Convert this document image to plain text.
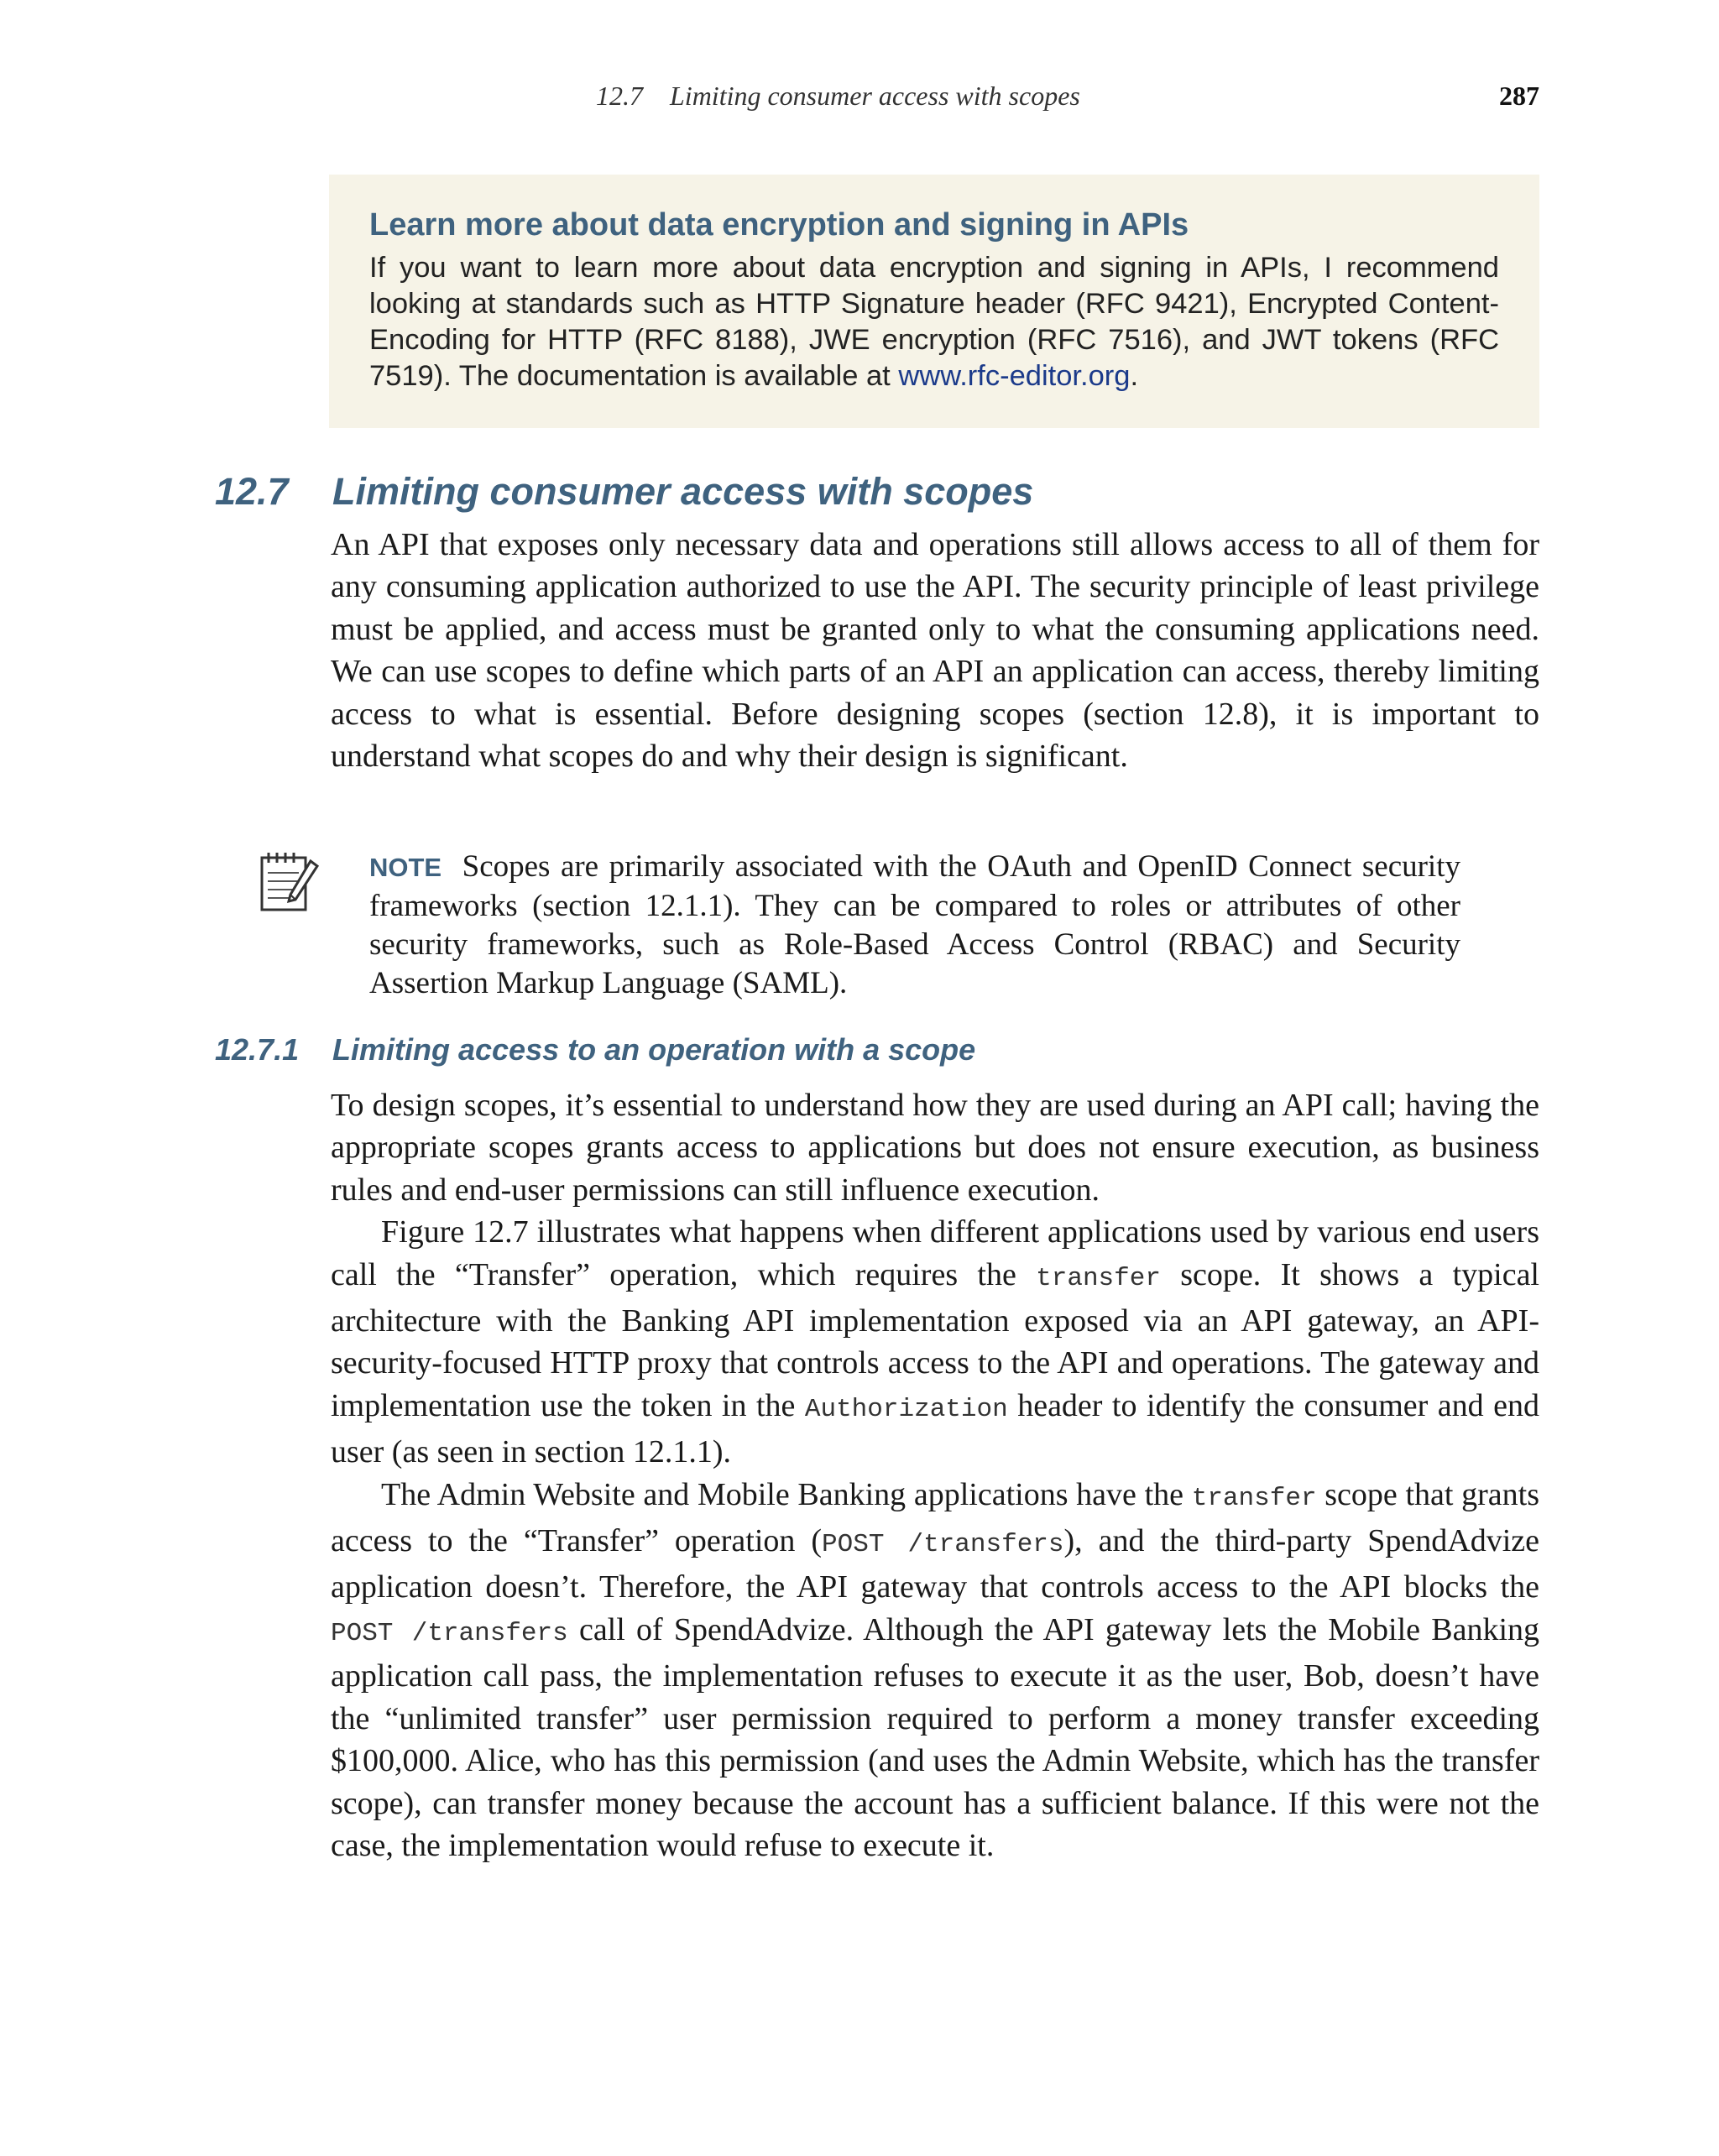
12.7    Limiting consumer access with scopes	287
Learn more about data encryption and signing in APIs

If you want to learn more about data encryption and signing in APIs, I recommend looking at standards such as HTTP Signature header (RFC 9421), Encrypted Content-Encoding for HTTP (RFC 8188), JWE encryption (RFC 7516), and JWT tokens (RFC 7519). The documentation is available at www.rfc-editor.org.

12.7 Limiting consumer access with scopes

An API that exposes only necessary data and operations still allows access to all of them for any consuming application authorized to use the API. The security principle of least privilege must be applied, and access must be granted only to what the consuming applications need. We can use scopes to define which parts of an API an application can access, thereby limiting access to what is essential. Before designing scopes (section 12.8), it is important to understand what scopes do and why their design is significant.

NOTE Scopes are primarily associated with the OAuth and OpenID Connect security frameworks (section 12.1.1). They can be compared to roles or attributes of other security frameworks, such as Role-Based Access Control (RBAC) and Security Assertion Markup Language (SAML).

12.7.1 Limiting access to an operation with a scope

To design scopes, it’s essential to understand how they are used during an API call; having the appropriate scopes grants access to applications but does not ensure execution, as business rules and end-user permissions can still influence execution.

Figure 12.7 illustrates what happens when different applications used by various end users call the “Transfer” operation, which requires the transfer scope. It shows a typical architecture with the Banking API implementation exposed via an API gateway, an API-security-focused HTTP proxy that controls access to the API and operations. The gateway and implementation use the token in the Authorization header to identify the consumer and end user (as seen in section 12.1.1).

The Admin Website and Mobile Banking applications have the transfer scope that grants access to the “Transfer” operation (POST /transfers), and the third-party SpendAdvize application doesn’t. Therefore, the API gateway that controls access to the API blocks the POST /transfers call of SpendAdvize. Although the API gateway lets the Mobile Banking application call pass, the implementation refuses to execute it as the user, Bob, doesn’t have the “unlimited transfer” user permission required to perform a money transfer exceeding $100,000. Alice, who has this permission (and uses the Admin Website, which has the transfer scope), can transfer money because the account has a sufficient balance. If this were not the case, the implementation would refuse to execute it.
